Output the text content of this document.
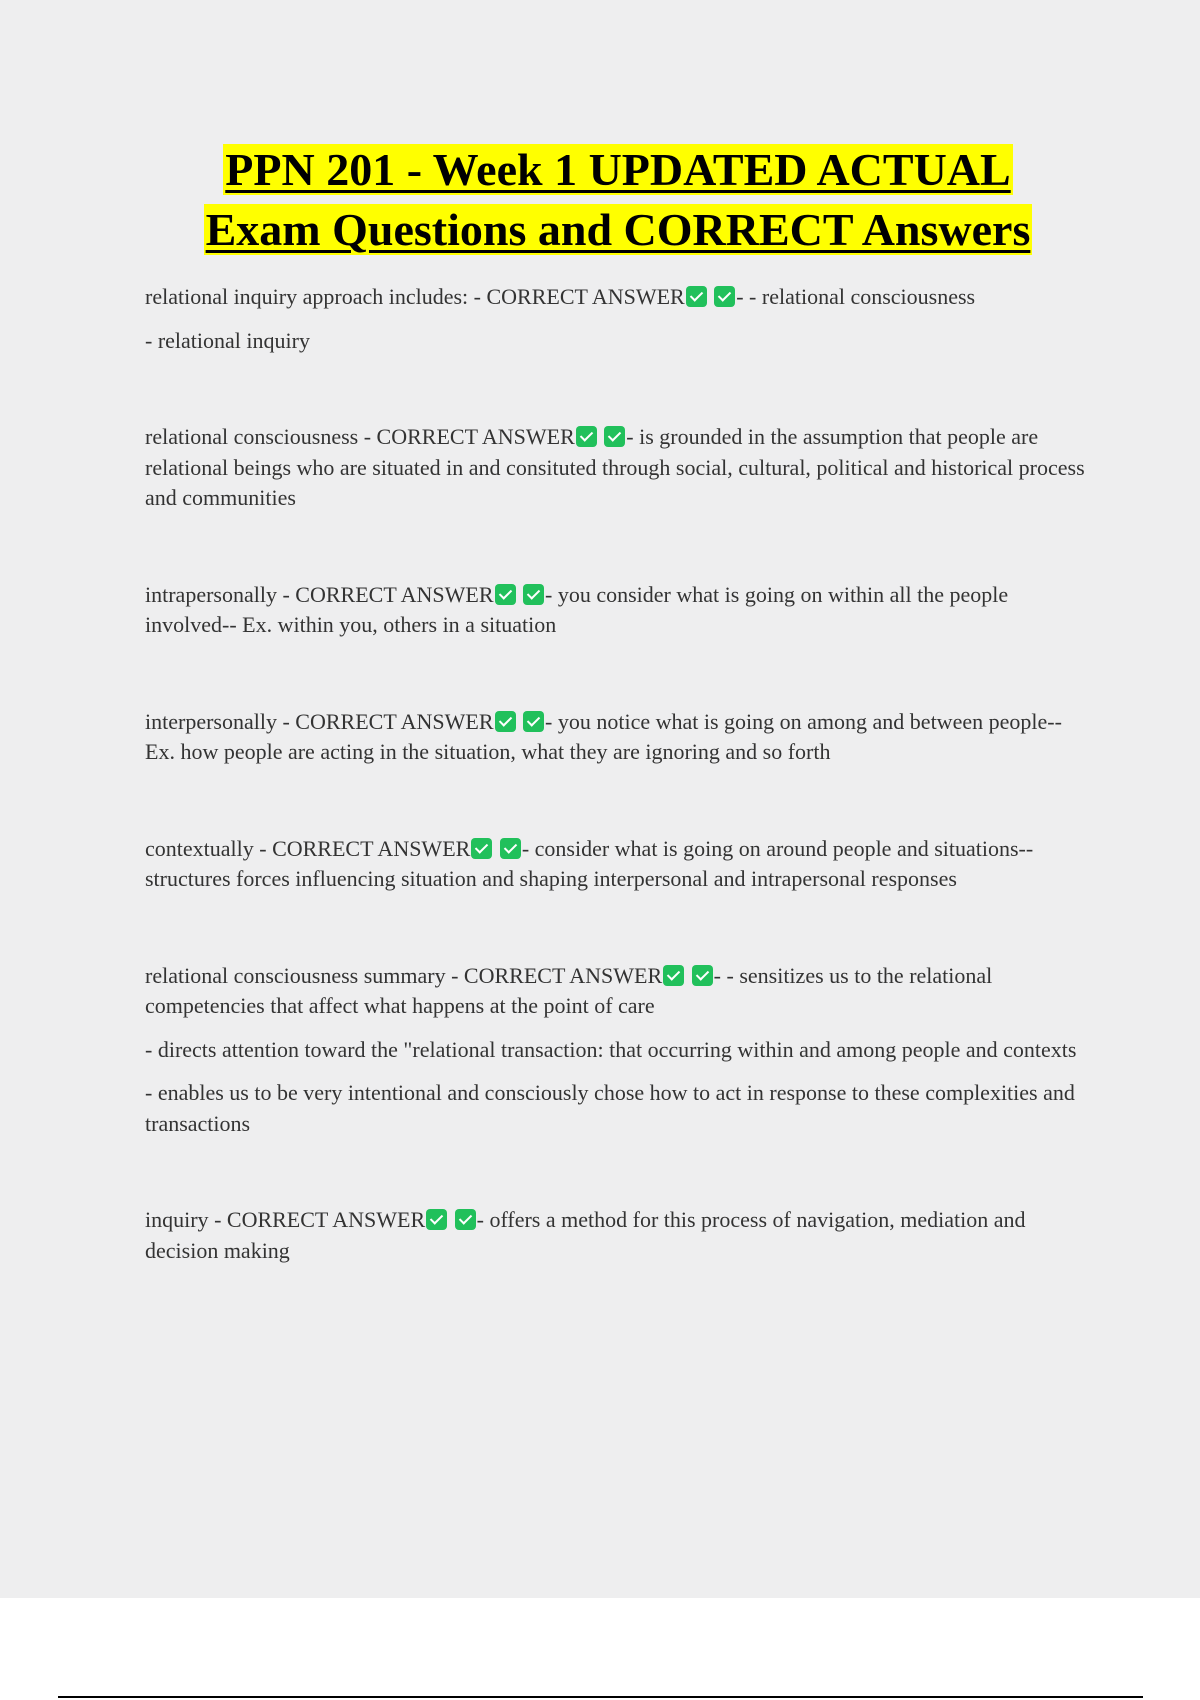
PPN 201 - Week 1 UPDATED ACTUAL
Exam Questions and CORRECT Answers

relational inquiry approach includes: - CORRECT ANSWER - - relational consciousness

- relational inquiry

relational consciousness - CORRECT ANSWER - is grounded in the assumption that people are relational beings who are situated in and consituted through social, cultural, political and historical process and communities

intrapersonally - CORRECT ANSWER - you consider what is going on within all the people involved-- Ex. within you, others in a situation

interpersonally - CORRECT ANSWER - you notice what is going on among and between people-- Ex. how people are acting in the situation, what they are ignoring and so forth

contextually - CORRECT ANSWER - consider what is going on around people and situations-- structures forces influencing situation and shaping interpersonal and intrapersonal responses

relational consciousness summary - CORRECT ANSWER - - sensitizes us to the relational competencies that affect what happens at the point of care

- directs attention toward the "relational transaction: that occurring within and among people and contexts

- enables us to be very intentional and consciously chose how to act in response to these complexities and transactions

inquiry - CORRECT ANSWER - offers a method for this process of navigation, mediation and decision making
